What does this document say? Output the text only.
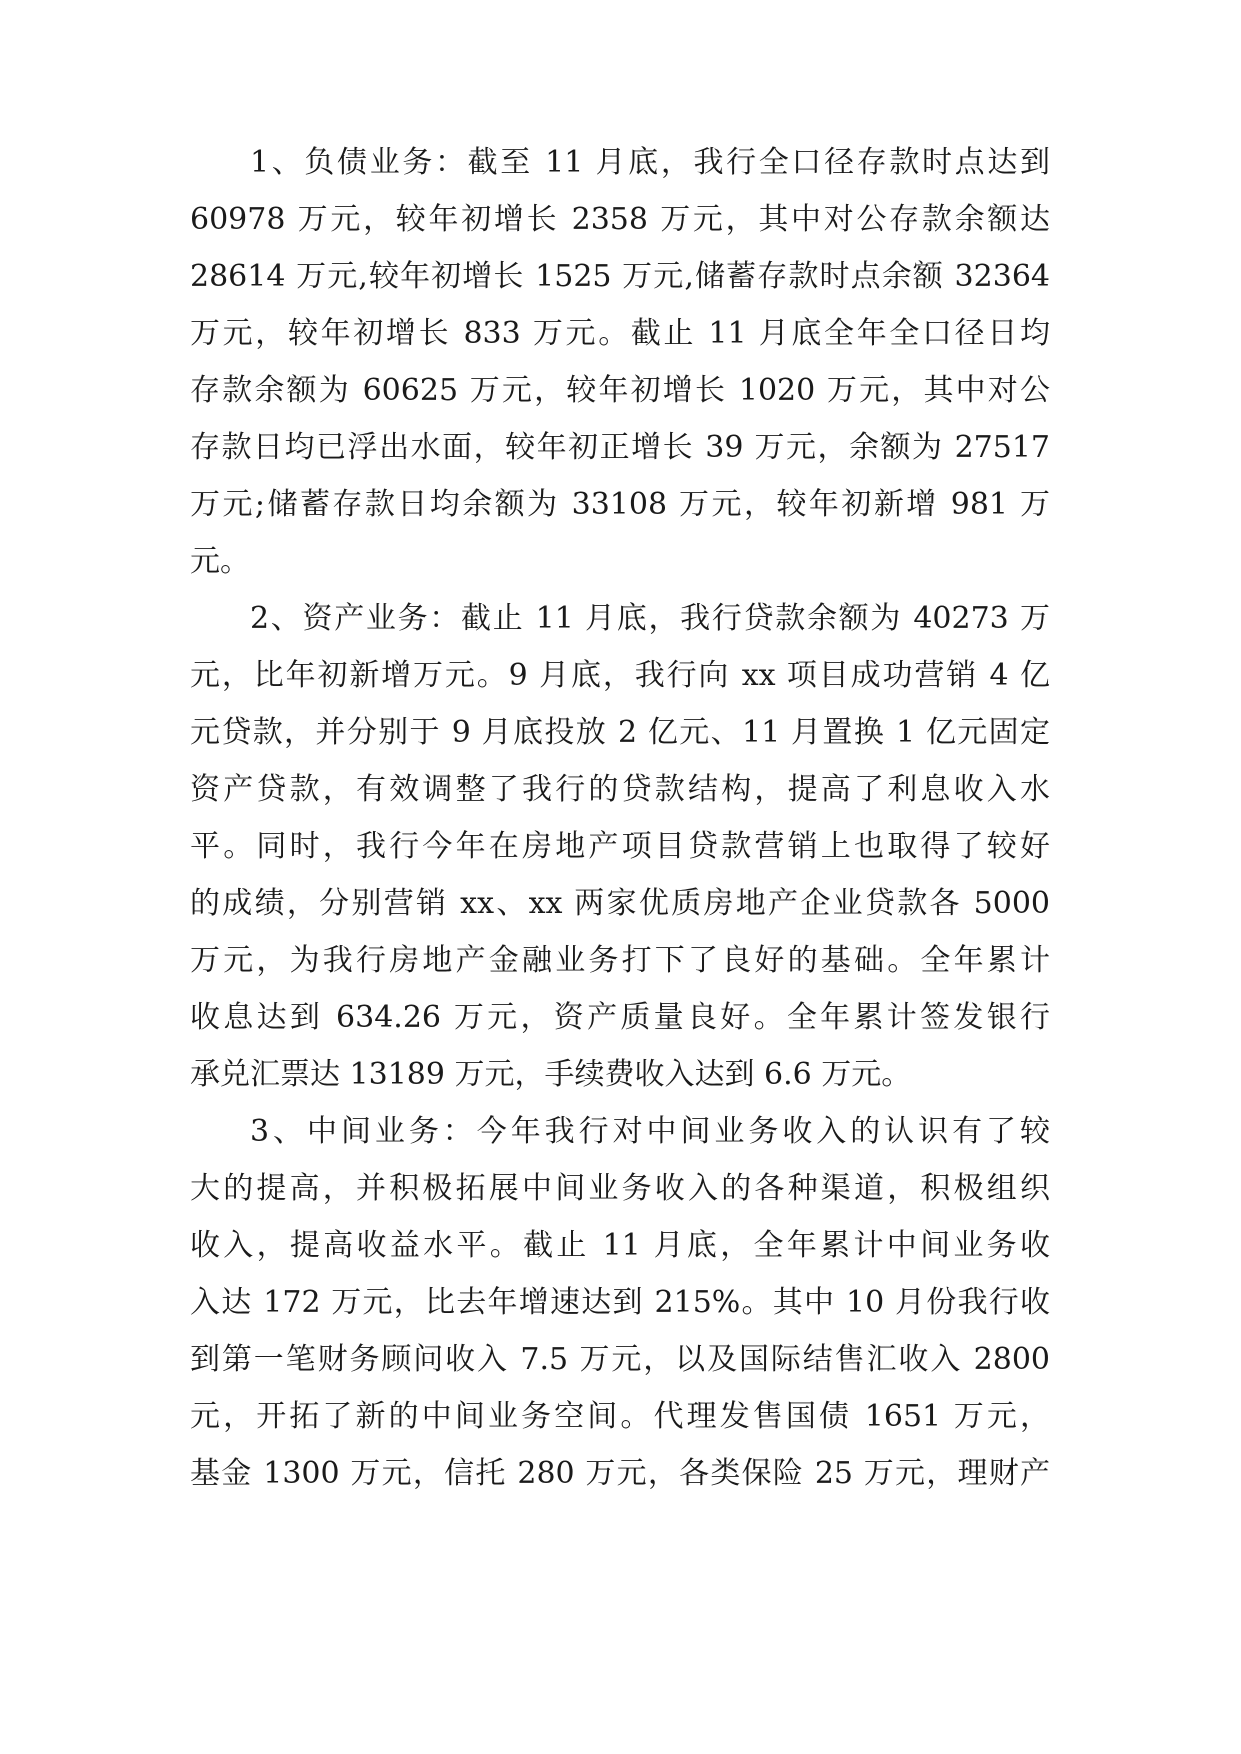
1、负债业务：截至 11 月底，我行全口径存款时点达到
60978 万元，较年初增长 2358 万元，其中对公存款余额达
28614 万元,较年初增长 1525 万元,储蓄存款时点余额 32364
万元，较年初增长 833 万元。截止 11 月底全年全口径日均
存款余额为 60625 万元，较年初增长 1020 万元，其中对公
存款日均已浮出水面，较年初正增长 39 万元，余额为 27517
万元;储蓄存款日均余额为 33108 万元，较年初新增 981 万
元。
2、资产业务：截止 11 月底，我行贷款余额为 40273 万
元，比年初新增万元。9 月底，我行向 xx 项目成功营销 4 亿
元贷款，并分别于 9 月底投放 2 亿元、11 月置换 1 亿元固定
资产贷款，有效调整了我行的贷款结构，提高了利息收入水
平。同时，我行今年在房地产项目贷款营销上也取得了较好
的成绩，分别营销 xx、xx 两家优质房地产企业贷款各 5000
万元，为我行房地产金融业务打下了良好的基础。全年累计
收息达到 634.26 万元，资产质量良好。全年累计签发银行
承兑汇票达 13189 万元，手续费收入达到 6.6 万元。
3、中间业务：今年我行对中间业务收入的认识有了较
大的提高，并积极拓展中间业务收入的各种渠道，积极组织
收入，提高收益水平。截止 11 月底，全年累计中间业务收
入达 172 万元，比去年增速达到 215%。其中 10 月份我行收
到第一笔财务顾问收入 7.5 万元，以及国际结售汇收入 2800
元，开拓了新的中间业务空间。代理发售国债 1651 万元，
基金 1300 万元，信托 280 万元，各类保险 25 万元，理财产
